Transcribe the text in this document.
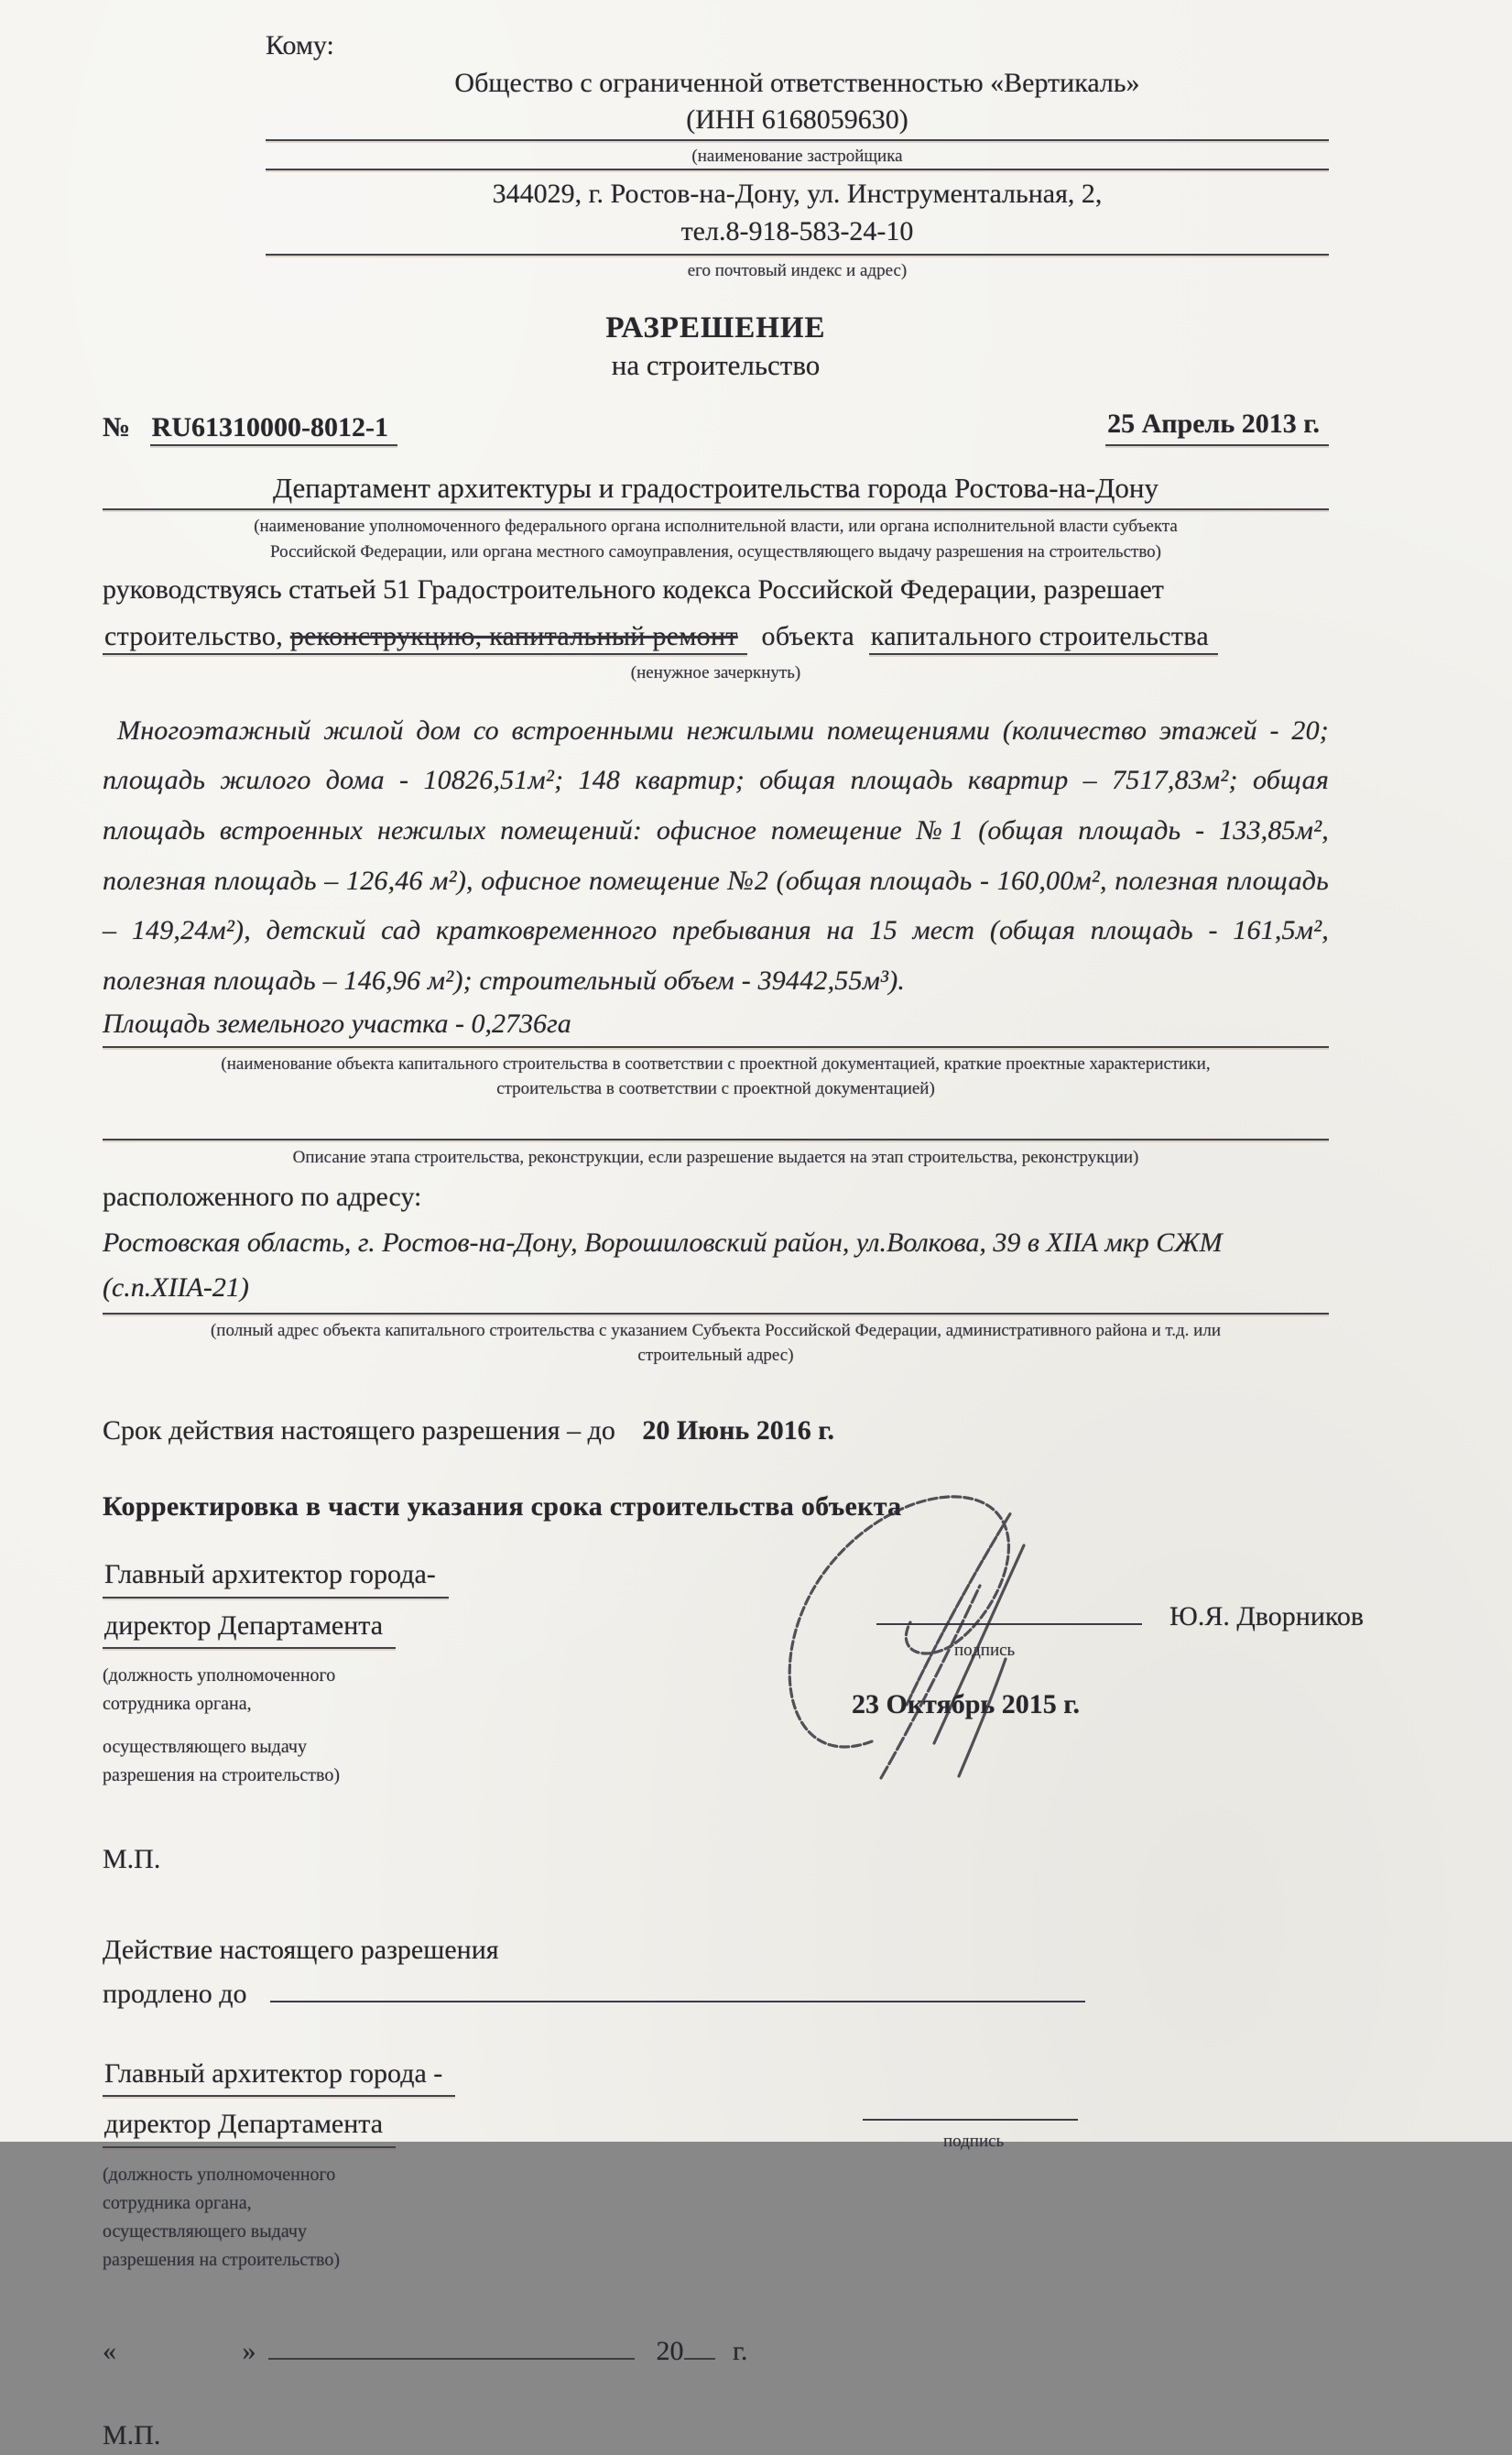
Кому:
Общество с ограниченной ответственностью «Вертикаль»
(ИНН 6168059630)
(наименование застройщика
344029, г. Ростов-на-Дону, ул. Инструментальная, 2,
тел.8-918-583-24-10
его почтовый индекс и адрес)
РАЗРЕШЕНИЕ
на строительство
№ RU61310000-8012-1	25 Апрель 2013 г.
Департамент архитектуры и градостроительства города Ростова-на-Дону
(наименование уполномоченного федерального органа исполнительной власти, или органа исполнительной власти субъекта
Российской Федерации, или органа местного самоуправления, осуществляющего выдачу разрешения на строительство)
руководствуясь статьей 51 Градостроительного кодекса Российской Федерации, разрешает
строительство, реконструкцию, капитальный ремонт объекта капитального строительства
(ненужное зачеркнуть)
Многоэтажный жилой дом со встроенными нежилыми помещениями (количество этажей - 20; площадь жилого дома - 10826,51м²; 148 квартир; общая площадь квартир – 7517,83м²; общая площадь встроенных нежилых помещений: офисное помещение №1 (общая площадь - 133,85м², полезная площадь – 126,46 м²), офисное помещение №2 (общая площадь - 160,00м², полезная площадь – 149,24м²), детский сад кратковременного пребывания на 15 мест (общая площадь - 161,5м², полезная площадь – 146,96 м²); строительный объем - 39442,55м³).
Площадь земельного участка - 0,2736га
(наименование объекта капитального строительства в соответствии с проектной документацией, краткие проектные характеристики,
строительства в соответствии с проектной документацией)
Описание этапа строительства, реконструкции, если разрешение выдается на этап строительства, реконструкции)
расположенного по адресу:
Ростовская область, г. Ростов-на-Дону, Ворошиловский район, ул.Волкова, 39 в ХIIА мкр СЖМ (с.п.ХIIА-21)
(полный адрес объекта капитального строительства с указанием Субъекта Российской Федерации, административного района и т.д. или
строительный адрес)
Срок действия настоящего разрешения – до 20 Июнь 2016 г.
Корректировка в части указания срока строительства объекта
Главный архитектор города-
директор Департамента
(должность уполномоченного
сотрудника органа,
осуществляющего выдачу
разрешения на строительство)
Ю.Я. Дворников
подпись
23 Октябрь 2015 г.
М.П.
Действие настоящего разрешения
продлено до
Главный архитектор города -
директор Департамента
(должность уполномоченного
сотрудника органа,
осуществляющего выдачу
разрешения на строительство)
подпись
«	»	20 г.
М.П.
